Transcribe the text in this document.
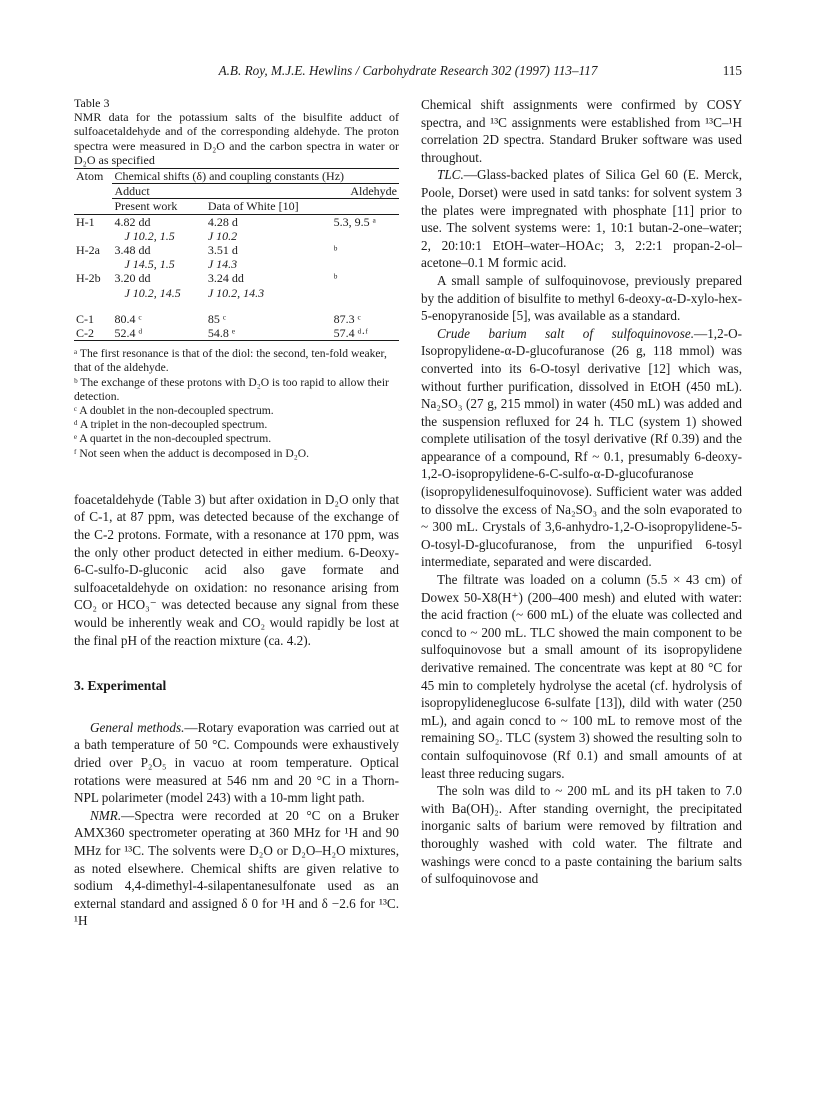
A.B. Roy, M.J.E. Hewlins / Carbohydrate Research 302 (1997) 113–117	115
Table 3

NMR data for the potassium salts of the bisulfite adduct of sulfoacetaldehyde and of the corresponding aldehyde. The proton spectra were measured in D₂O and the carbon spectra in water or D₂O as specified

Atom	Chemical shifts (δ) and coupling constants (Hz)		
	Adduct		Aldehyde
	Present work	Data of White [10]	
H-1	4.82 dd	4.28 d	5.3, 9.5 ᵃ
	J 10.2, 1.5	J 10.2	
H-2a	3.48 dd	3.51 d	ᵇ
	J 14.5, 1.5	J 14.3	
H-2b	3.20 dd	3.24 dd	ᵇ
	J 10.2, 14.5	J 10.2, 14.3	

C-1	80.4 ᶜ	85 ᶜ	87.3 ᶜ
C-2	52.4 ᵈ	54.8 ᵉ	57.4 ᵈ·ᶠ

ᵃ The first resonance is that of the diol: the second, ten-fold weaker, that of the aldehyde.

ᵇ The exchange of these protons with D₂O is too rapid to allow their detection.

ᶜ A doublet in the non-decoupled spectrum.

ᵈ A triplet in the non-decoupled spectrum.

ᵉ A quartet in the non-decoupled spectrum.

ᶠ Not seen when the adduct is decomposed in D₂O.

foacetaldehyde (Table 3) but after oxidation in D₂O only that of C-1, at 87 ppm, was detected because of the exchange of the C-2 protons. Formate, with a resonance at 170 ppm, was the only other product detected in either medium. 6-Deoxy-6-C-sulfo-D-gluconic acid also gave formate and sulfoacetaldehyde on oxidation: no resonance arising from CO₂ or HCO₃⁻ was detected because any signal from these would be inherently weak and CO₂ would rapidly be lost at the final pH of the reaction mixture (ca. 4.2).

3. Experimental

General methods.—Rotary evaporation was carried out at a bath temperature of 50 °C. Compounds were exhaustively dried over P₂O₅ in vacuo at room temperature. Optical rotations were measured at 546 nm and 20 °C in a Thorn-NPL polarimeter (model 243) with a 10-mm light path.

NMR.—Spectra were recorded at 20 °C on a Bruker AMX360 spectrometer operating at 360 MHz for ¹H and 90 MHz for ¹³C. The solvents were D₂O or D₂O–H₂O mixtures, as noted elsewhere. Chemical shifts are given relative to sodium 4,4-dimethyl-4-silapentanesulfonate used as an external standard and assigned δ 0 for ¹H and δ −2.6 for ¹³C. ¹H

Chemical shift assignments were confirmed by COSY spectra, and ¹³C assignments were established from ¹³C–¹H correlation 2D spectra. Standard Bruker software was used throughout.

TLC.—Glass-backed plates of Silica Gel 60 (E. Merck, Poole, Dorset) were used in satd tanks: for solvent system 3 the plates were impregnated with phosphate [11] prior to use. The solvent systems were: 1, 10:1 butan-2-one–water; 2, 20:10:1 EtOH–water–HOAc; 3, 2:2:1 propan-2-ol–acetone–0.1 M formic acid.

A small sample of sulfoquinovose, previously prepared by the addition of bisulfite to methyl 6-deoxy-α-D-xylo-hex-5-enopyranoside [5], was available as a standard.

Crude barium salt of sulfoquinovose.—1,2-O-Isopropylidene-α-D-glucofuranose (26 g, 118 mmol) was converted into its 6-O-tosyl derivative [12] which was, without further purification, dissolved in EtOH (450 mL). Na₂SO₃ (27 g, 215 mmol) in water (450 mL) was added and the suspension refluxed for 24 h. TLC (system 1) showed complete utilisation of the tosyl derivative (Rf 0.39) and the appearance of a compound, Rf ~ 0.1, presumably 6-deoxy-1,2-O-isopropylidene-6-C-sulfo-α-D-glucofuranose (isopropylidenesulfoquinovose). Sufficient water was added to dissolve the excess of Na₂SO₃ and the soln evaporated to ~ 300 mL. Crystals of 3,6-anhydro-1,2-O-isopropylidene-5-O-tosyl-D-glucofuranose, from the unpurified 6-tosyl intermediate, separated and were discarded.

The filtrate was loaded on a column (5.5 × 43 cm) of Dowex 50-X8(H⁺) (200–400 mesh) and eluted with water: the acid fraction (~ 600 mL) of the eluate was collected and concd to ~ 200 mL. TLC showed the main component to be sulfoquinovose but a small amount of its isopropylidene derivative remained. The concentrate was kept at 80 °C for 45 min to completely hydrolyse the acetal (cf. hydrolysis of isopropylideneglucose 6-sulfate [13]), dild with water (250 mL), and again concd to ~ 100 mL to remove most of the remaining SO₂. TLC (system 3) showed the resulting soln to contain sulfoquinovose (Rf 0.1) and small amounts of at least three reducing sugars.

The soln was dild to ~ 200 mL and its pH taken to 7.0 with Ba(OH)₂. After standing overnight, the precipitated inorganic salts of barium were removed by filtration and thoroughly washed with cold water. The filtrate and washings were concd to a paste containing the barium salts of sulfoquinovose and
